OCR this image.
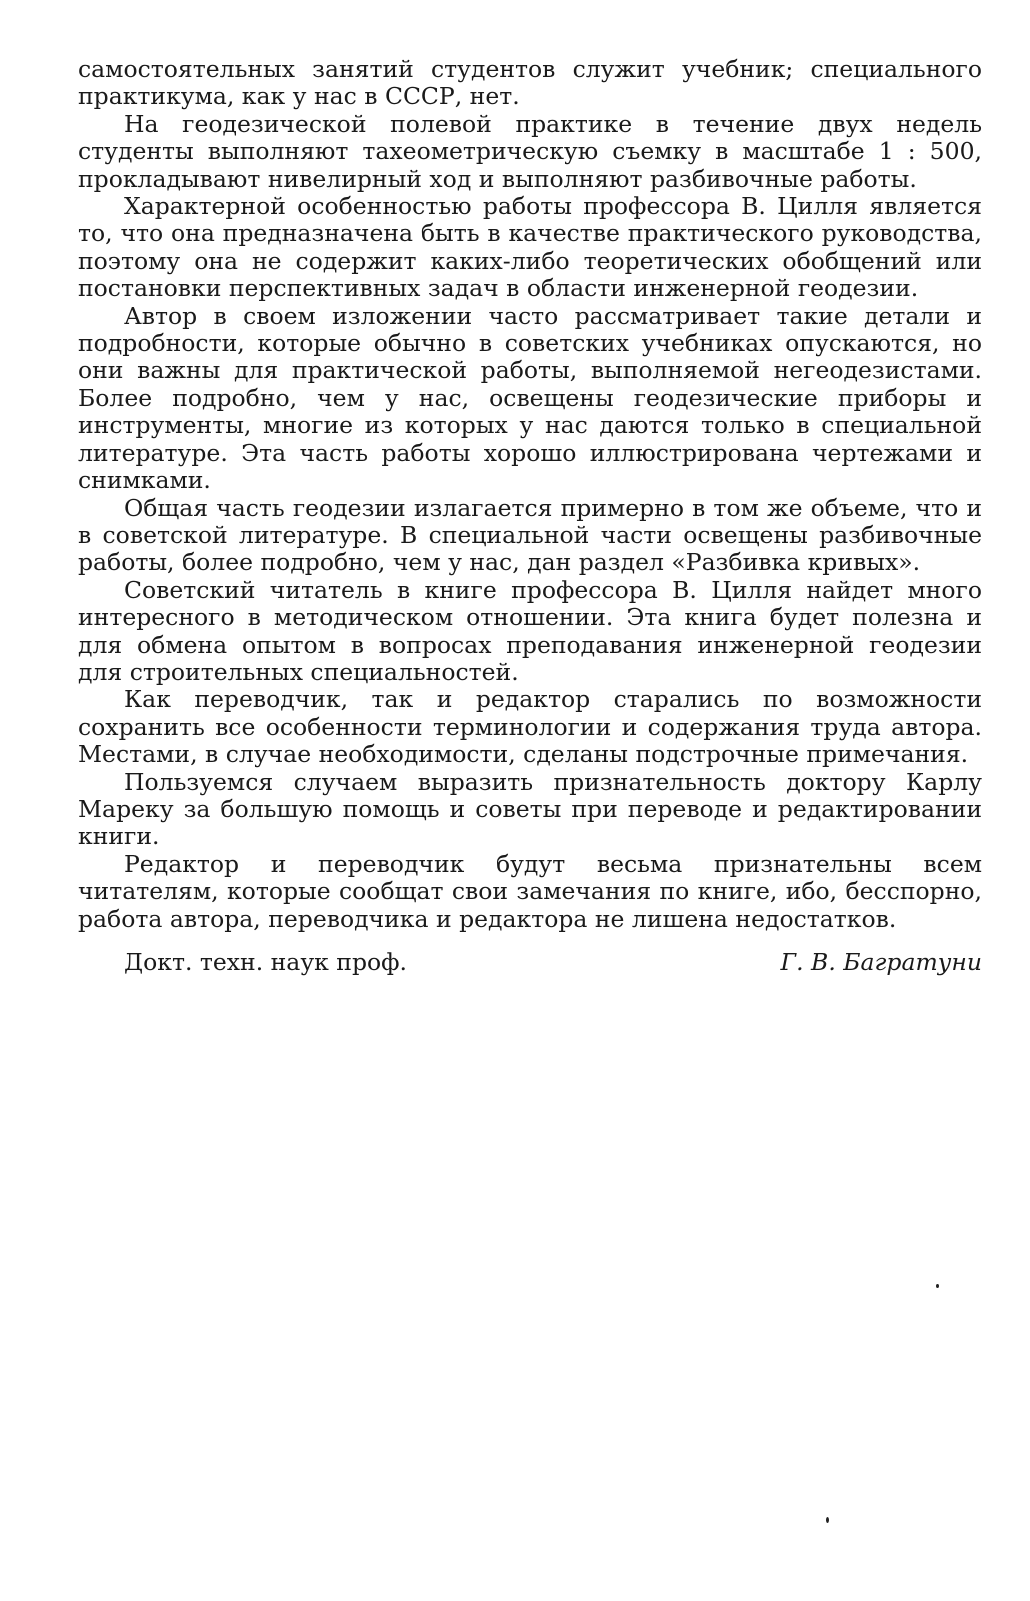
самостоятельных занятий студентов служит учебник; специального практикума, как у нас в СССР, нет.

На геодезической полевой практике в течение двух недель студенты выполняют тахеометрическую съемку в масштабе 1 : 500, прокладывают нивелирный ход и выполняют разбивочные работы.

Характерной особенностью работы профессора В. Цилля является то, что она предназначена быть в качестве практического руководства, поэтому она не содержит каких-либо теоретических обобщений или постановки перспективных задач в области инженерной геодезии.

Автор в своем изложении часто рассматривает такие детали и подробности, которые обычно в советских учебниках опускаются, но они важны для практической работы, выполняемой негеодезистами. Более подробно, чем у нас, освещены геодезические приборы и инструменты, многие из которых у нас даются только в специальной литературе. Эта часть работы хорошо иллюстрирована чертежами и снимками.

Общая часть геодезии излагается примерно в том же объеме, что и в советской литературе. В специальной части освещены разбивочные работы, более подробно, чем у нас, дан раздел «Разбивка кривых».

Советский читатель в книге профессора В. Цилля найдет много интересного в методическом отношении. Эта книга будет полезна и для обмена опытом в вопросах преподавания инженерной геодезии для строительных специальностей.

Как переводчик, так и редактор старались по возможности сохранить все особенности терминологии и содержания труда автора. Местами, в случае необходимости, сделаны подстрочные примечания.

Пользуемся случаем выразить признательность доктору Карлу Мареку за большую помощь и советы при переводе и редактировании книги.

Редактор и переводчик будут весьма признательны всем читателям, которые сообщат свои замечания по книге, ибо, бесспорно, работа автора, переводчика и редактора не лишена недостатков.

Докт. техн. наук проф.	Г. В. Багратуни
